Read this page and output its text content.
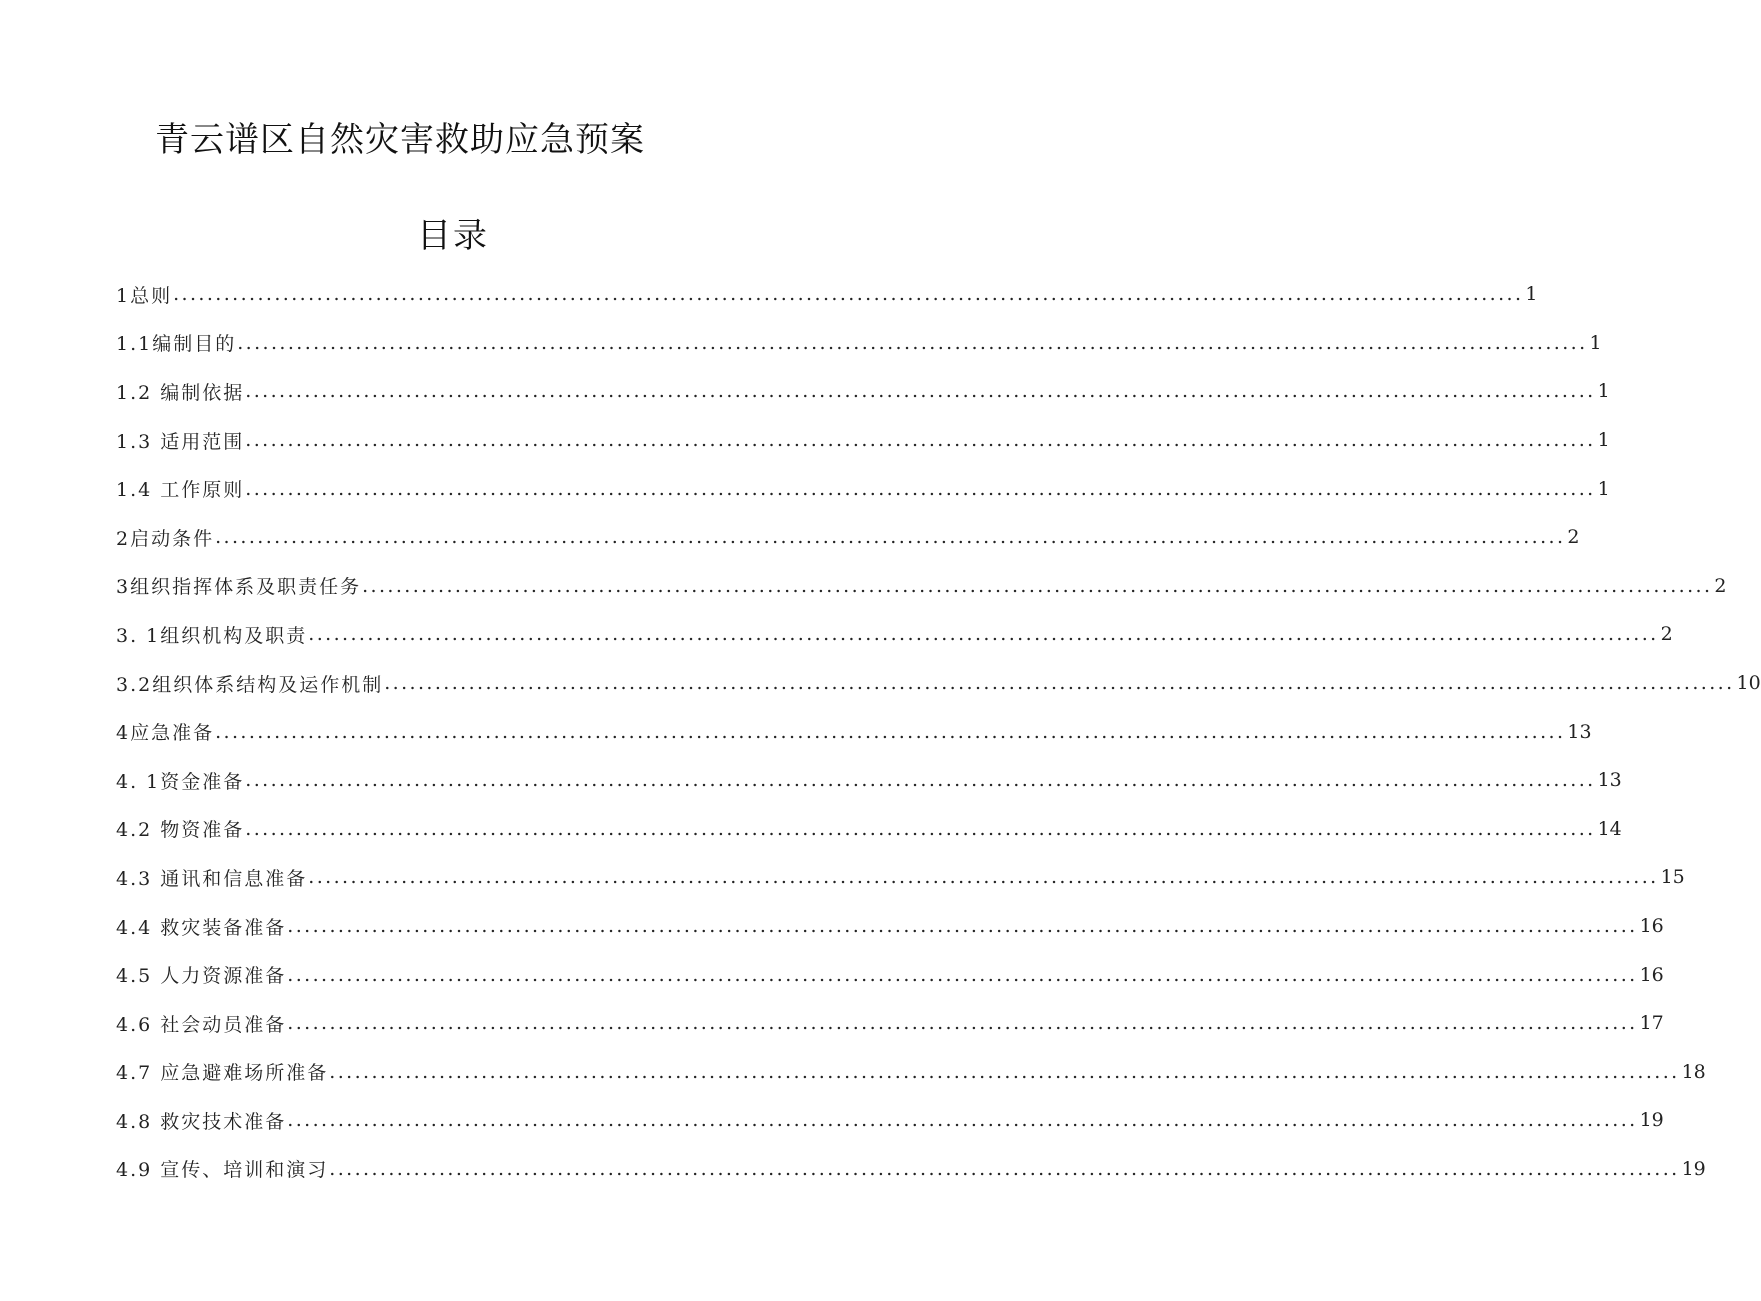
青云谱区自然灾害救助应急预案
目录
1总则 ................................................................................................................................................................ 1
1.1编制目的 ................................................................................................................................................................ 1
1.2 编制依据 ................................................................................................................................................................ 1
1.3 适用范围 ................................................................................................................................................................ 1
1.4 工作原则 ................................................................................................................................................................ 1
2启动条件 ................................................................................................................................................................ 2
3组织指挥体系及职责任务 ................................................................................................................................................................ 2
3. 1组织机构及职责 ................................................................................................................................................................ 2
3.2组织体系结构及运作机制 ................................................................................................................................................................ 10
4应急准备 ................................................................................................................................................................ 13
4. 1资金准备 ................................................................................................................................................................ 13
4.2 物资准备 ................................................................................................................................................................ 14
4.3 通讯和信息准备 ................................................................................................................................................................ 15
4.4 救灾装备准备 ................................................................................................................................................................ 16
4.5 人力资源准备 ................................................................................................................................................................ 16
4.6 社会动员准备 ................................................................................................................................................................ 17
4.7 应急避难场所准备 ................................................................................................................................................................ 18
4.8 救灾技术准备 ................................................................................................................................................................ 19
4.9 宣传、培训和演习 ................................................................................................................................................................ 19
